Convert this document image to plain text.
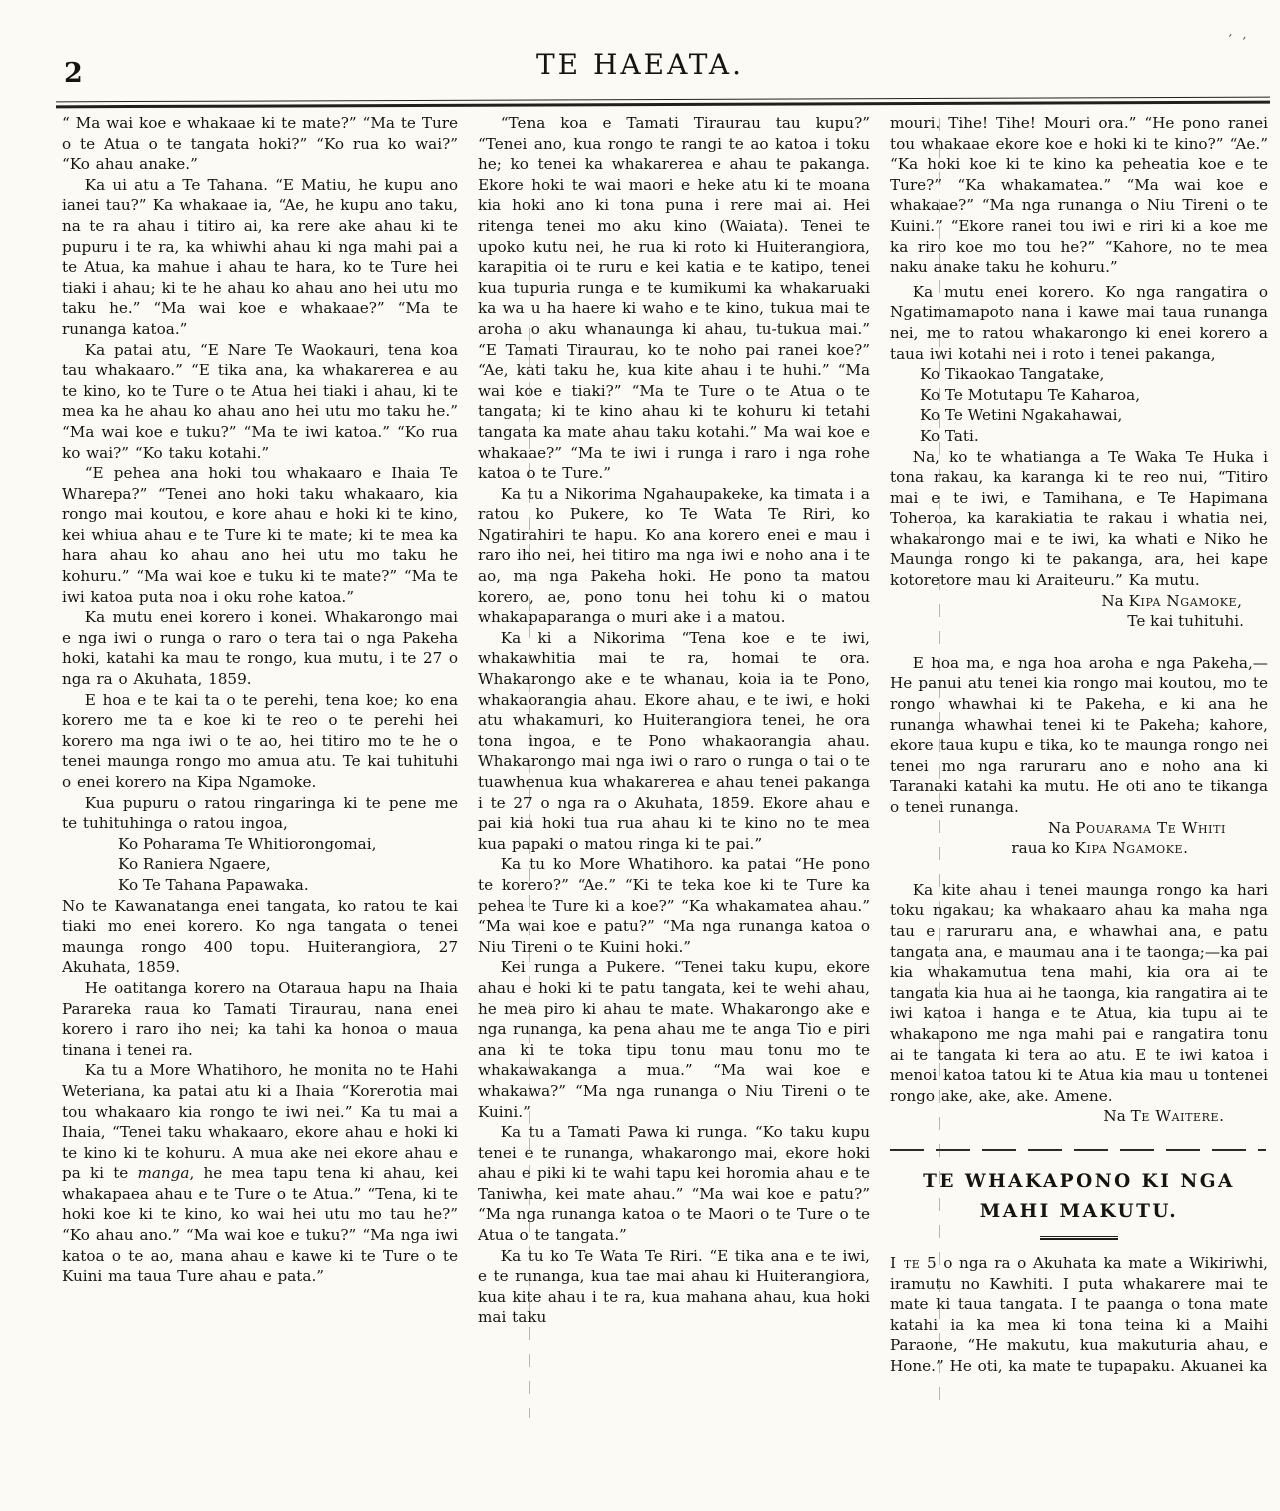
2	TE HAEATA.
’ ’

“ Ma wai koe e whakaae ki te mate?” “Ma te Ture o te Atua o te tangata hoki?” “Ko rua ko wai?” “Ko ahau anake.”

Ka ui atu a Te Tahana. “E Matiu, he kupu ano ianei tau?” Ka whakaae ia, “Ae, he kupu ano taku, na te ra ahau i titiro ai, ka rere ake ahau ki te pupuru i te ra, ka whiwhi ahau ki nga mahi pai a te Atua, ka mahue i ahau te hara, ko te Ture hei tiaki i ahau; ki te he ahau ko ahau ano hei utu mo taku he.” “Ma wai koe e whakaae?” “Ma te runanga katoa.”

Ka patai atu, “E Nare Te Waokauri, tena koa tau whakaaro.” “E tika ana, ka whakarerea e au te kino, ko te Ture o te Atua hei tiaki i ahau, ki te mea ka he ahau ko ahau ano hei utu mo taku he.” “Ma wai koe e tuku?” “Ma te iwi katoa.” “Ko rua ko wai?” “Ko taku kotahi.”

“E pehea ana hoki tou whakaaro e Ihaia Te Wharepa?” “Tenei ano hoki taku whakaaro, kia rongo mai koutou, e kore ahau e hoki ki te kino, kei whiua ahau e te Ture ki te mate; ki te mea ka hara ahau ko ahau ano hei utu mo taku he kohuru.” “Ma wai koe e tuku ki te mate?” “Ma te iwi katoa puta noa i oku rohe katoa.”

Ka mutu enei korero i konei. Whakarongo mai e nga iwi o runga o raro o tera tai o nga Pakeha hoki, katahi ka mau te rongo, kua mutu, i te 27 o nga ra o Akuhata, 1859.

E hoa e te kai ta o te perehi, tena koe; ko ena korero me ta e koe ki te reo o te perehi hei korero ma nga iwi o te ao, hei titiro mo te he o tenei maunga rongo mo amua atu. Te kai tuhituhi o enei korero na Kipa Ngamoke.

Kua pupuru o ratou ringaringa ki te pene me te tuhituhinga o ratou ingoa,

Ko Poharama Te Whitiorongomai,
Ko Raniera Ngaere,
Ko Te Tahana Papawaka.

No te Kawanatanga enei tangata, ko ratou te kai tiaki mo enei korero. Ko nga tangata o tenei maunga rongo 400 topu. Huiterangiora, 27 Akuhata, 1859.

He oatitanga korero na Otaraua hapu na Ihaia Parareka raua ko Tamati Tiraurau, nana enei korero i raro iho nei; ka tahi ka honoa o maua tinana i tenei ra.

Ka tu a More Whatihoro, he monita no te Hahi Weteriana, ka patai atu ki a Ihaia “Korerotia mai tou whakaaro kia rongo te iwi nei.” Ka tu mai a Ihaia, “Tenei taku whakaaro, ekore ahau e hoki ki te kino ki te kohuru. A mua ake nei ekore ahau e pa ki te manga, he mea tapu tena ki ahau, kei whakapaea ahau e te Ture o te Atua.” “Tena, ki te hoki koe ki te kino, ko wai hei utu mo tau he?” “Ko ahau ano.” “Ma wai koe e tuku?” “Ma nga iwi katoa o te ao, mana ahau e kawe ki te Ture o te Kuini ma taua Ture ahau e pata.”

“Tena koa e Tamati Tiraurau tau kupu?” “Tenei ano, kua rongo te rangi te ao katoa i toku he; ko tenei ka whakarerea e ahau te pakanga. Ekore hoki te wai maori e heke atu ki te moana kia hoki ano ki tona puna i rere mai ai. Hei ritenga tenei mo aku kino (Waiata). Tenei te upoko kutu nei, he rua ki roto ki Huiterangiora, karapitia oi te ruru e kei katia e te katipo, tenei kua tupuria runga e te kumikumi ka whakaruaki ka wa u ha haere ki waho e te kino, tukua mai te aroha o aku whanaunga ki ahau, tu-tukua mai.” “E Tamati Tiraurau, ko te noho pai ranei koe?” “Ae, kati taku he, kua kite ahau i te huhi.” “Ma wai koe e tiaki?” “Ma te Ture o te Atua o te tangata; ki te kino ahau ki te kohuru ki tetahi tangata ka mate ahau taku kotahi.” Ma wai koe e whakaae?” “Ma te iwi i runga i raro i nga rohe katoa o te Ture.”

Ka tu a Nikorima Ngahaupakeke, ka timata i a ratou ko Pukere, ko Te Wata Te Riri, ko Ngatirahiri te hapu. Ko ana korero enei e mau i raro iho nei, hei titiro ma nga iwi e noho ana i te ao, ma nga Pakeha hoki. He pono ta matou korero, ae, pono tonu hei tohu ki o matou whakapaparanga o muri ake i a matou.

Ka ki a Nikorima “Tena koe e te iwi, whakawhitia mai te ra, homai te ora. Whakarongo ake e te whanau, koia ia te Pono, whakaorangia ahau. Ekore ahau, e te iwi, e hoki atu whakamuri, ko Huiterangiora tenei, he ora tona ingoa, e te Pono whakaorangia ahau. Whakarongo mai nga iwi o raro o runga o tai o te tuawhenua kua whakarerea e ahau tenei pakanga i te 27 o nga ra o Akuhata, 1859. Ekore ahau e pai kia hoki tua rua ahau ki te kino no te mea kua papaki o matou ringa ki te pai.”

Ka tu ko More Whatihoro. ka patai “He pono te korero?” “Ae.” “Ki te teka koe ki te Ture ka pehea te Ture ki a koe?” “Ka whakamatea ahau.” “Ma wai koe e patu?” “Ma nga runanga katoa o Niu Tireni o te Kuini hoki.”

Kei runga a Pukere. “Tenei taku kupu, ekore ahau e hoki ki te patu tangata, kei te wehi ahau, he mea piro ki ahau te mate. Whakarongo ake e nga runanga, ka pena ahau me te anga Tio e piri ana ki te toka tipu tonu mau tonu mo te whakawakanga a mua.” “Ma wai koe e whakawa?” “Ma nga runanga o Niu Tireni o te Kuini.”

Ka tu a Tamati Pawa ki runga. “Ko taku kupu tenei e te runanga, whakarongo mai, ekore hoki ahau e piki ki te wahi tapu kei horomia ahau e te Taniwha, kei mate ahau.” “Ma wai koe e patu?” “Ma nga runanga katoa o te Maori o te Ture o te Atua o te tangata.”

Ka tu ko Te Wata Te Riri. “E tika ana e te iwi, e te runanga, kua tae mai ahau ki Huiterangiora, kua kite ahau i te ra, kua mahana ahau, kua hoki mai taku

mouri. Tihe! Tihe! Mouri ora.” “He pono ranei tou whakaae ekore koe e hoki ki te kino?” “Ae.” “Ka hoki koe ki te kino ka peheatia koe e te Ture?” “Ka whakamatea.” “Ma wai koe e whakaae?” “Ma nga runanga o Niu Tireni o te Kuini.” “Ekore ranei tou iwi e riri ki a koe me ka riro koe mo tou he?” “Kahore, no te mea naku anake taku he kohuru.”

Ka mutu enei korero. Ko nga rangatira o Ngatimamapoto nana i kawe mai taua runanga nei, me to ratou whakarongo ki enei korero a taua iwi kotahi nei i roto i tenei pakanga,

Ko Tikaokao Tangatake,
Ko Te Motutapu Te Kaharoa,
Ko Te Wetini Ngakahawai,
Ko Tati.

Na, ko te whatianga a Te Waka Te Huka i tona rakau, ka karanga ki te reo nui, “Titiro mai e te iwi, e Tamihana, e Te Hapimana Toheroa, ka karakiatia te rakau i whatia nei, whakarongo mai e te iwi, ka whati e Niko he Maunga rongo ki te pakanga, ara, hei kape kotoretore mau ki Araiteuru.” Ka mutu.

Na Kipa Ngamoke,
Te kai tuhituhi.

E hoa ma, e nga hoa aroha e nga Pakeha,—He panui atu tenei kia rongo mai koutou, mo te rongo whawhai ki te Pakeha, e ki ana he runanga whawhai tenei ki te Pakeha; kahore, ekore taua kupu e tika, ko te maunga rongo nei tenei mo nga raruraru ano e noho ana ki Taranaki katahi ka mutu. He oti ano te tikanga o tenei runanga.

Na Pouarama Te Whiti
raua ko Kipa Ngamoke.

Ka kite ahau i tenei maunga rongo ka hari toku ngakau; ka whakaaro ahau ka maha nga tau e raruraru ana, e whawhai ana, e patu tangata ana, e maumau ana i te taonga;—ka pai kia whakamutua tena mahi, kia ora ai te tangata kia hua ai he taonga, kia rangatira ai te iwi katoa i hanga e te Atua, kia tupu ai te whakapono me nga mahi pai e rangatira tonu ai te tangata ki tera ao atu. E te iwi katoa i menoi katoa tatou ki te Atua kia mau u tontenei rongo ake, ake, ake. Amene.

Na Te Waitere.
TE WHAKAPONO KI NGA MAHI MAKUTU.

I te 5 o nga ra o Akuhata ka mate a Wikiriwhi, iramutu no Kawhiti. I puta whakarere mai te mate ki taua tangata. I te paanga o tona mate katahi ia ka mea ki tona teina ki a Maihi Paraone, “He makutu, kua makuturia ahau, e Hone.” He oti, ka mate te tupapaku. Akuanei ka
